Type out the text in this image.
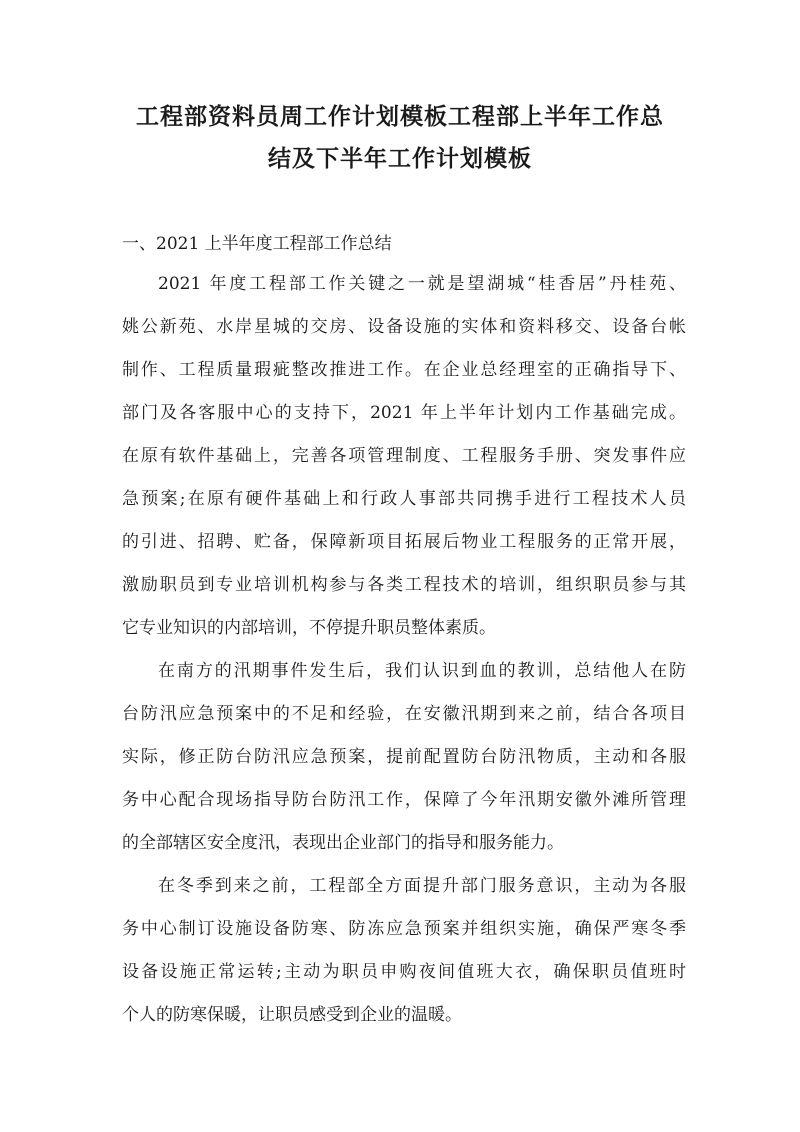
工程部资料员周工作计划模板工程部上半年工作总
结及下半年工作计划模板
一、2021 上半年度工程部工作总结
2021 年度工程部工作关键之一就是望湖城“桂香居”丹桂苑、
姚公新苑、水岸星城的交房、设备设施的实体和资料移交、设备台帐
制作、工程质量瑕疵整改推进工作。在企业总经理室的正确指导下、
部门及各客服中心的支持下，2021 年上半年计划内工作基础完成。
在原有软件基础上，完善各项管理制度、工程服务手册、突发事件应
急预案;在原有硬件基础上和行政人事部共同携手进行工程技术人员
的引进、招聘、贮备，保障新项目拓展后物业工程服务的正常开展，
激励职员到专业培训机构参与各类工程技术的培训，组织职员参与其
它专业知识的内部培训，不停提升职员整体素质。
在南方的汛期事件发生后，我们认识到血的教训，总结他人在防
台防汛应急预案中的不足和经验，在安徽汛期到来之前，结合各项目
实际，修正防台防汛应急预案，提前配置防台防汛物质，主动和各服
务中心配合现场指导防台防汛工作，保障了今年汛期安徽外滩所管理
的全部辖区安全度汛，表现出企业部门的指导和服务能力。
在冬季到来之前，工程部全方面提升部门服务意识，主动为各服
务中心制订设施设备防寒、防冻应急预案并组织实施，确保严寒冬季
设备设施正常运转;主动为职员申购夜间值班大衣，确保职员值班时
个人的防寒保暖，让职员感受到企业的温暖。
